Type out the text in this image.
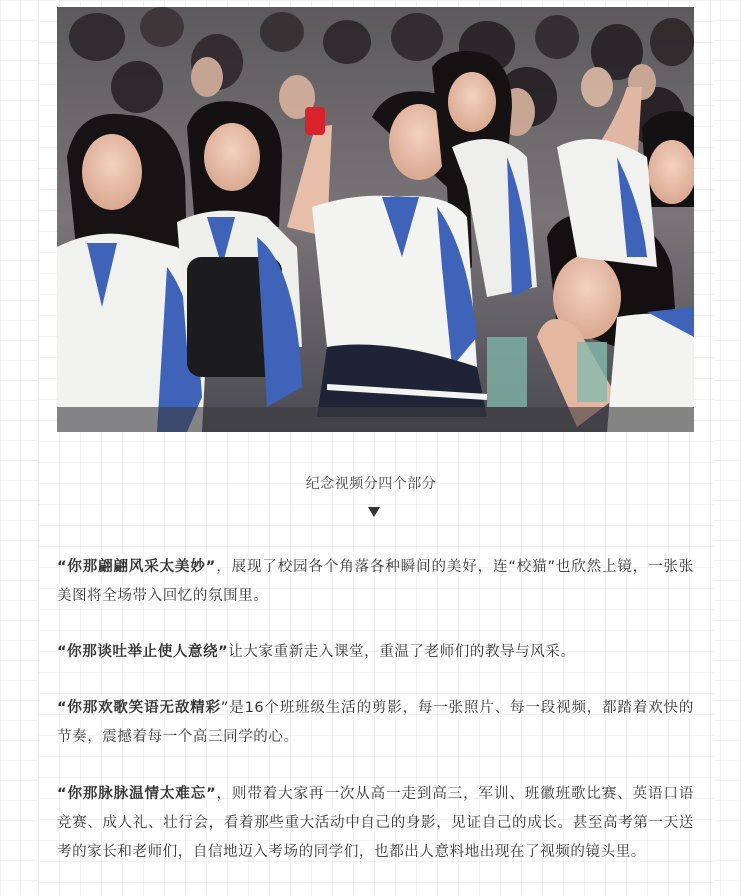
纪念视频分四个部分
“你那翩翩风采太美妙”，展现了校园各个角落各种瞬间的美好，连“校猫”也欣然上镜，一张张美图将全场带入回忆的氛围里。
“你那谈吐举止使人意绕”让大家重新走入课堂，重温了老师们的教导与风采。
“你那欢歌笑语无敌精彩”是16个班班级生活的剪影，每一张照片、每一段视频，都踏着欢快的节奏，震撼着每一个高三同学的心。
“你那脉脉温情太难忘”，则带着大家再一次从高一走到高三，军训、班徽班歌比赛、英语口语竞赛、成人礼、壮行会，看着那些重大活动中自己的身影，见证自己的成长。甚至高考第一天送考的家长和老师们，自信地迈入考场的同学们，也都出人意料地出现在了视频的镜头里。
